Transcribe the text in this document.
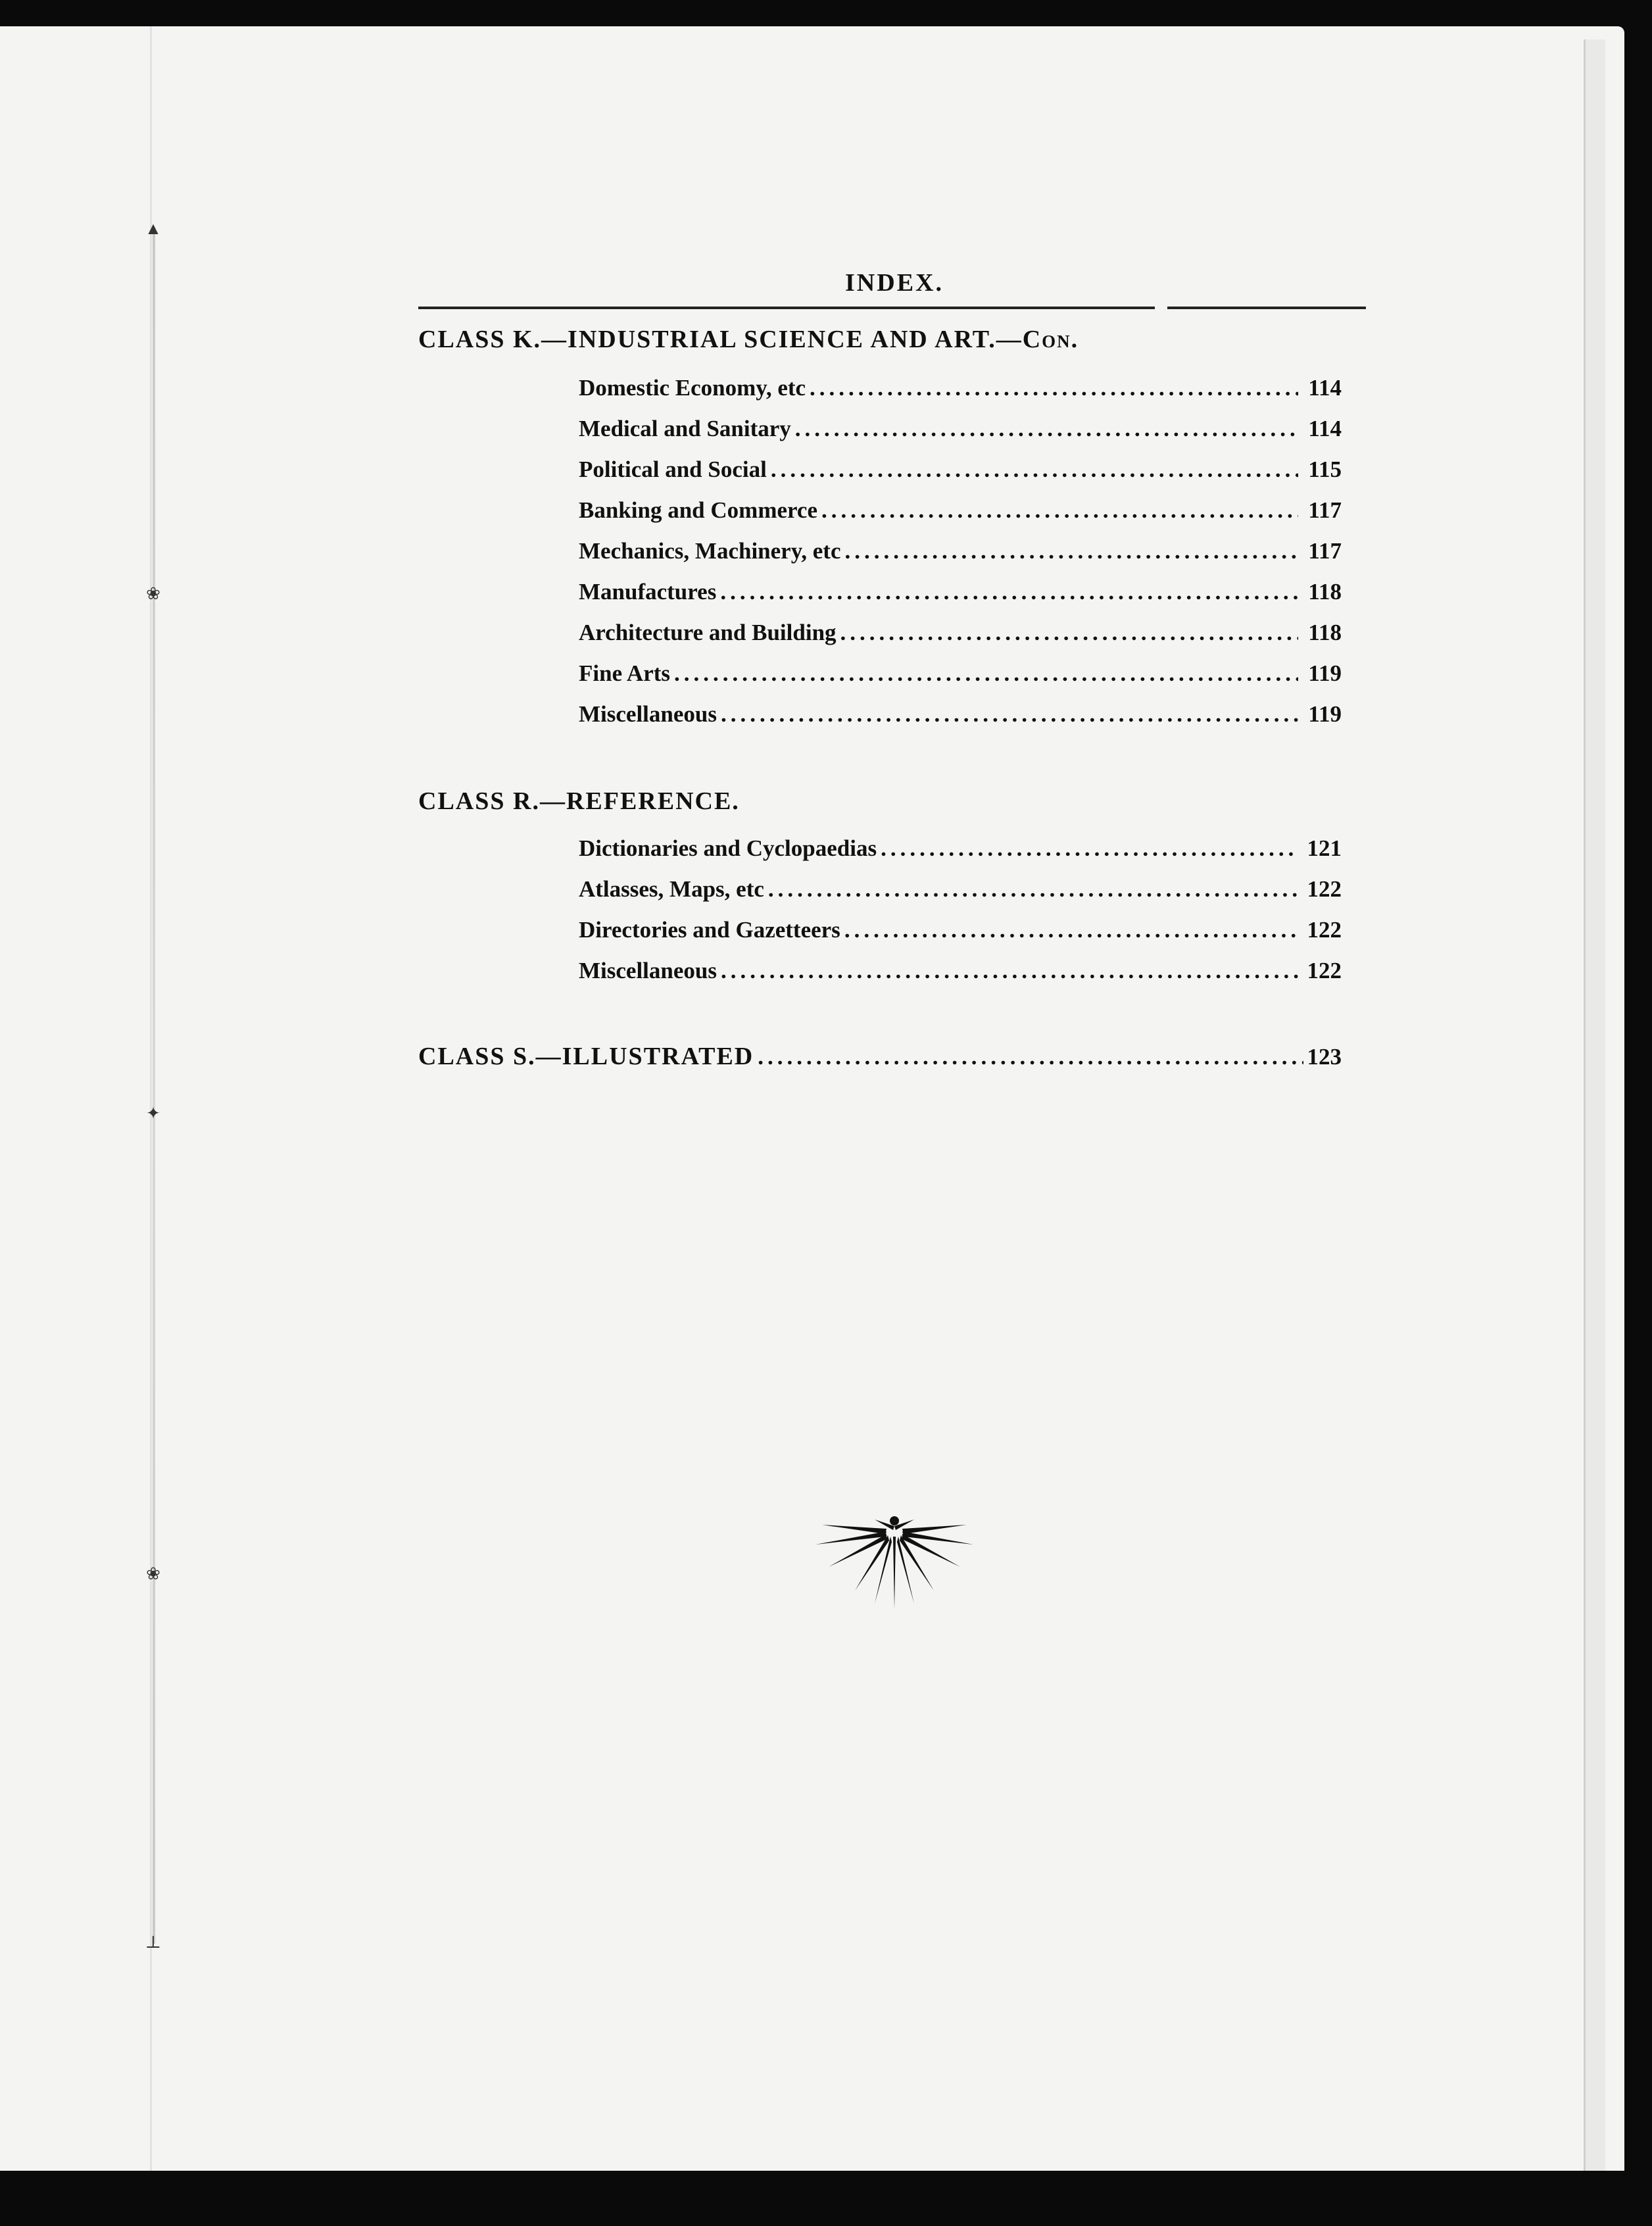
▲
❀
✦
❀
⊥
INDEX.
CLASS K.—INDUSTRIAL SCIENCE AND ART.—Con.
Domestic Economy, etc .....	114
Medical and Sanitary .....	114
Political and Social .....	115
Banking and Commerce .....	117
Mechanics, Machinery, etc .....	117
Manufactures .....	118
Architecture and Building .....	118
Fine Arts .....	119
Miscellaneous .....	119
CLASS R.—REFERENCE.
Dictionaries and Cyclopaedias .....	121
Atlasses, Maps, etc .....	122
Directories and Gazetteers .....	122
Miscellaneous .....	122
CLASS S.—ILLUSTRATED .....	123
